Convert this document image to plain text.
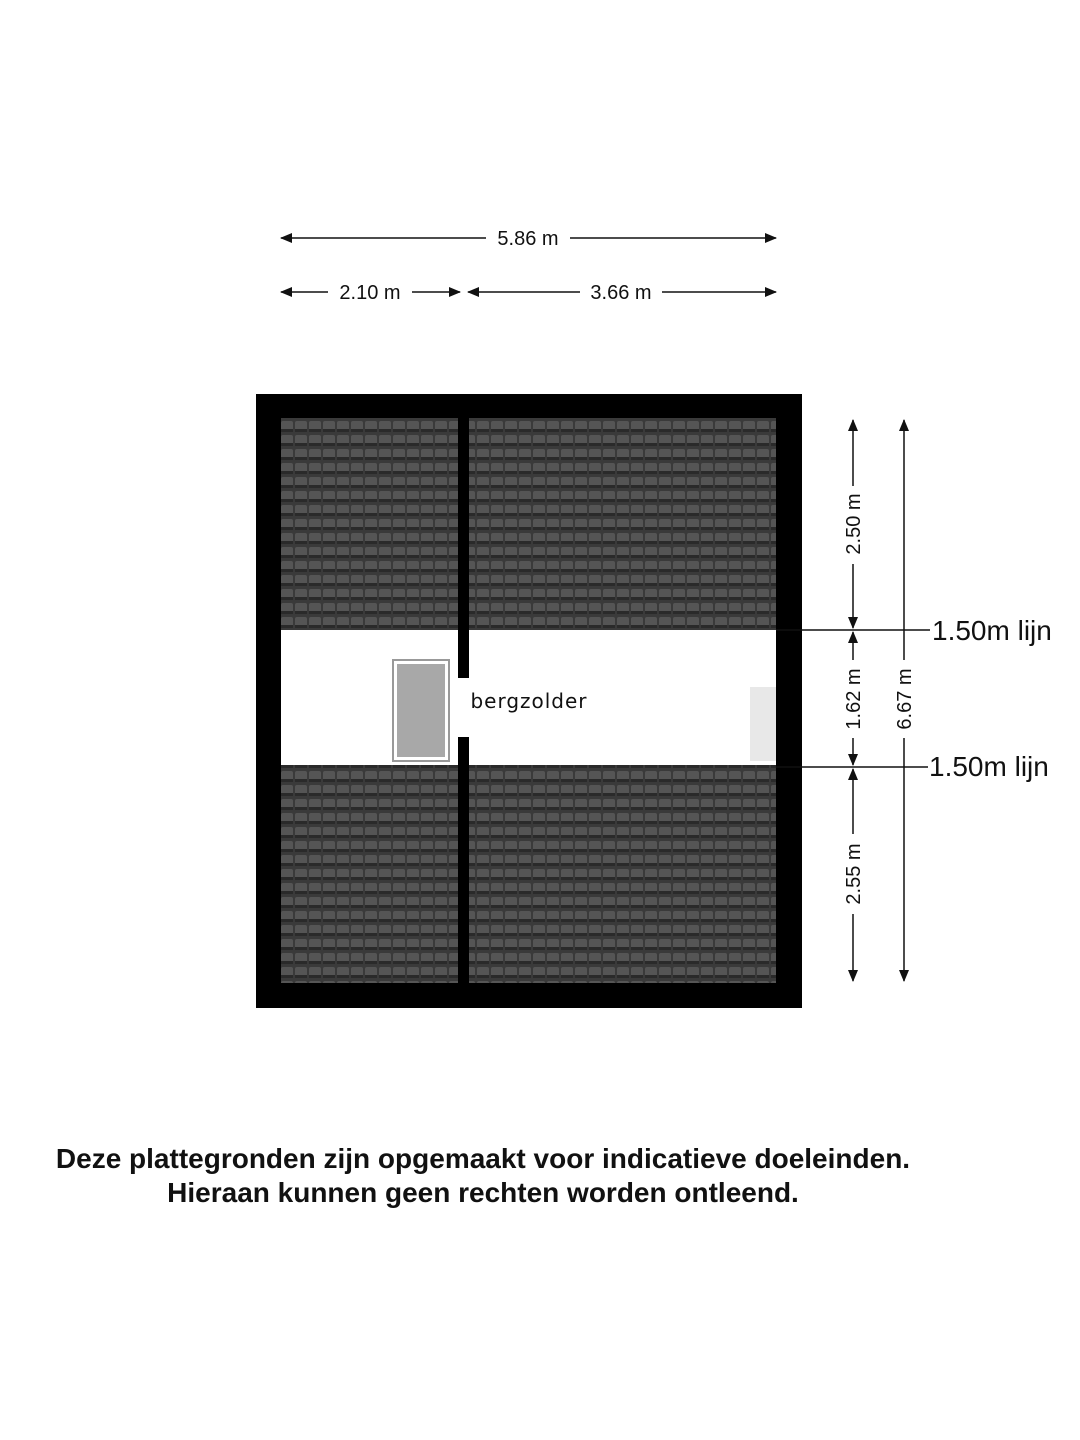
bergzolder
5.86 m
2.10 m	3.66 m
1.50m lijn
1.50m lijn
2.50 m
1.62 m
2.55 m
6.67 m
Deze plattegronden zijn opgemaakt voor indicatieve doeleinden.
Hieraan kunnen geen rechten worden ontleend.
